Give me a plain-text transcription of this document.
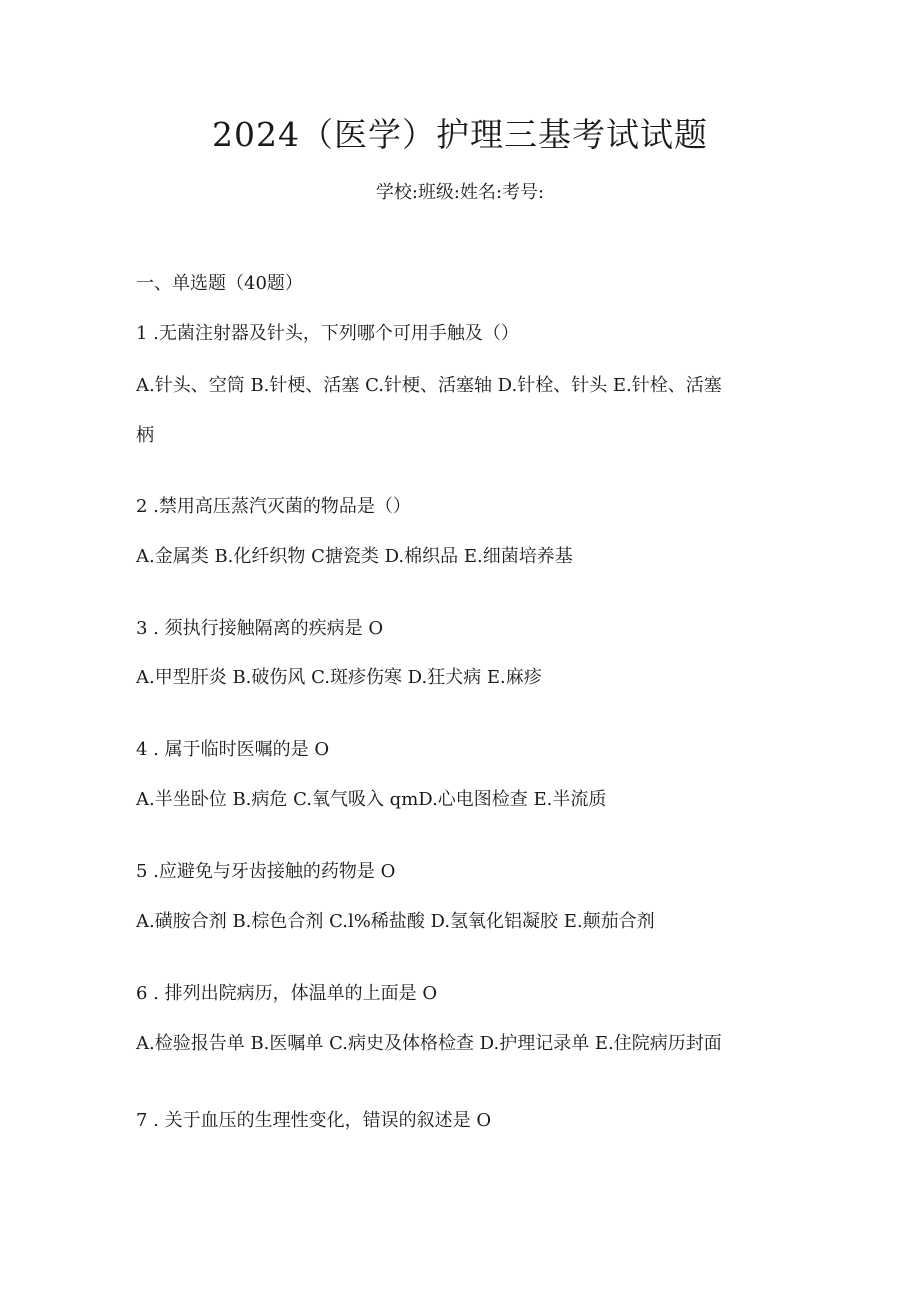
2024（医学）护理三基考试试题
学校:班级:姓名:考号:
一、单选题（40题）
1 .无菌注射器及针头，下列哪个可用手触及（）
A.针头、空筒 B.针梗、活塞 C.针梗、活塞轴 D.针栓、针头 E.针栓、活塞
柄
2 .禁用高压蒸汽灭菌的物品是（）
A.金属类 B.化纤织物 C搪瓷类 D.棉织品 E.细菌培养基
3 . 须执行接触隔离的疾病是 O
A.甲型肝炎 B.破伤风 C.斑疹伤寒 D.狂犬病 E.麻疹
4 . 属于临时医嘱的是 O
A.半坐卧位 B.病危 C.氧气吸入 qmD.心电图检查 E.半流质
5 .应避免与牙齿接触的药物是 O
A.磺胺合剂 B.棕色合剂 C.l%稀盐酸 D.氢氧化铝凝胶 E.颠茄合剂
6 . 排列出院病历，体温单的上面是 O
A.检验报告单 B.医嘱单 C.病史及体格检查 D.护理记录单 E.住院病历封面
7 . 关于血压的生理性变化，错误的叙述是 O
